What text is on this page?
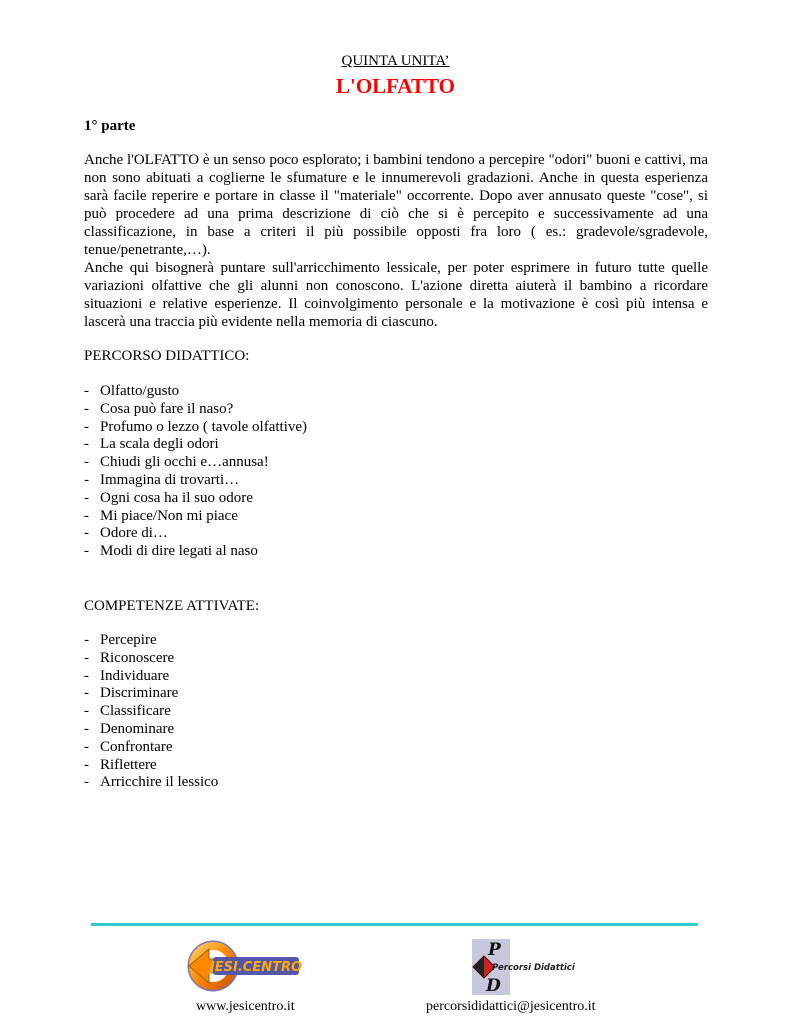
QUINTA UNITA’
L'OLFATTO
1° parte
Anche l'OLFATTO è un senso poco esplorato; i bambini tendono a percepire "odori" buoni e cattivi, ma non sono abituati a coglierne le sfumature e le innumerevoli gradazioni. Anche in questa esperienza sarà facile reperire e portare in classe il "materiale" occorrente. Dopo aver annusato queste "cose", si può procedere ad una prima descrizione di ciò che si è percepito e successivamente ad una classificazione, in base a criteri il più possibile opposti fra loro ( es.: gradevole/sgradevole, tenue/penetrante,…).
Anche qui bisognerà puntare sull'arricchimento lessicale, per poter esprimere in futuro tutte quelle variazioni olfattive che gli alunni non conoscono. L'azione diretta aiuterà il bambino a ricordare situazioni e relative esperienze. Il coinvolgimento personale e la motivazione è così più intensa e lascerà una traccia più evidente nella memoria di ciascuno.
PERCORSO DIDATTICO:
- Olfatto/gusto
- Cosa può fare il naso?
- Profumo o lezzo ( tavole olfattive)
- La scala degli odori
- Chiudi gli occhi e…annusa!
- Immagina di trovarti…
- Ogni cosa ha il suo odore
- Mi piace/Non mi piace
- Odore di…
- Modi di dire legati al naso
COMPETENZE ATTIVATE:
- Percepire
- Riconoscere
- Individuare
- Discriminare
- Classificare
- Denominare
- Confrontare
- Riflettere
- Arricchire il lessico
JESI.CENTRO
P
D
Percorsi Didattici
www.jesicentro.it	percorsididattici@jesicentro.it
